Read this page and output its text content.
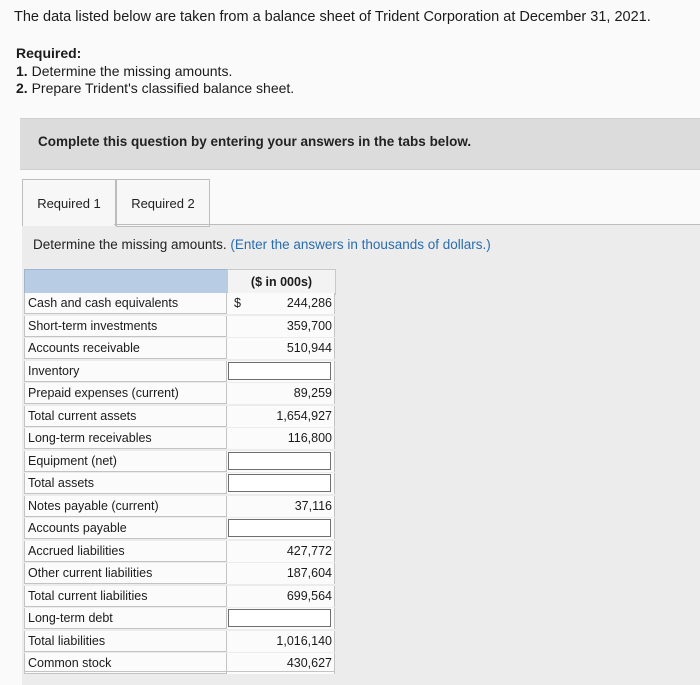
The data listed below are taken from a balance sheet of Trident Corporation at December 31, 2021.
Required:
1. Determine the missing amounts.
2. Prepare Trident's classified balance sheet.
Complete this question by entering your answers in the tabs below.
Required 1	Required 2
Determine the missing amounts. (Enter the answers in thousands of dollars.)
($ in 000s)
Cash and cash equivalents	$	244,286
Short-term investments	359,700
Accounts receivable	510,944
Inventory
Prepaid expenses (current)	89,259
Total current assets	1,654,927
Long-term receivables	116,800
Equipment (net)
Total assets
Notes payable (current)	37,116
Accounts payable
Accrued liabilities	427,772
Other current liabilities	187,604
Total current liabilities	699,564
Long-term debt
Total liabilities	1,016,140
Common stock	430,627
